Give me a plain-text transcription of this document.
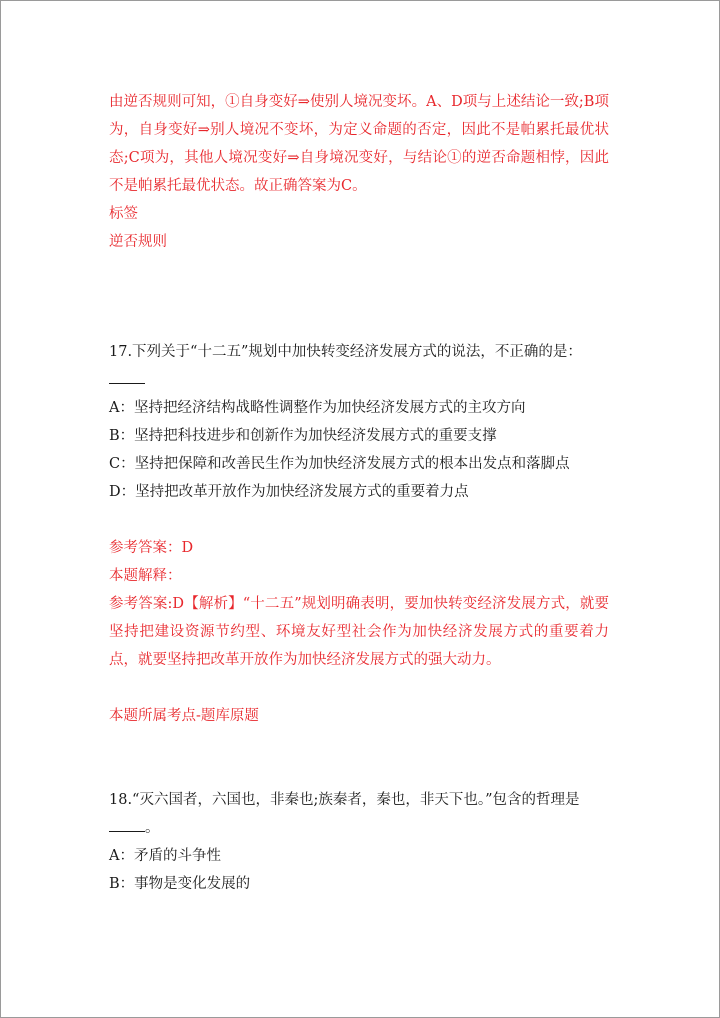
由逆否规则可知，①自身变好⇒使别人境况变坏。A、D项与上述结论一致;B项为，自身变好⇒别人境况不变坏，为定义命题的否定，因此不是帕累托最优状态;C项为，其他人境况变好⇒自身境况变好，与结论①的逆否命题相悖，因此不是帕累托最优状态。故正确答案为C。
标签
逆否规则
17.下列关于“十二五”规划中加快转变经济发展方式的说法，不正确的是：
A：坚持把经济结构战略性调整作为加快经济发展方式的主攻方向
B：坚持把科技进步和创新作为加快经济发展方式的重要支撑
C：坚持把保障和改善民生作为加快经济发展方式的根本出发点和落脚点
D：坚持把改革开放作为加快经济发展方式的重要着力点
参考答案：D
本题解释：
参考答案:D【解析】“十二五”规划明确表明，要加快转变经济发展方式，就要坚持把建设资源节约型、环境友好型社会作为加快经济发展方式的重要着力点，就要坚持把改革开放作为加快经济发展方式的强大动力。
本题所属考点-题库原题
18.“灭六国者，六国也，非秦也;族秦者，秦也，非天下也。”包含的哲理是
。
A：矛盾的斗争性
B：事物是变化发展的
